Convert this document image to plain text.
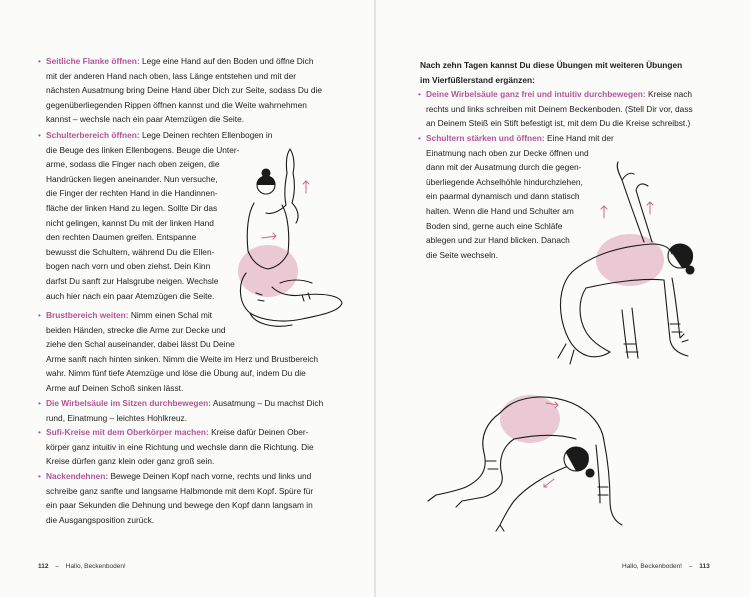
• Seitliche Flanke öffnen: Lege eine Hand auf den Boden und öffne Dich
mit der anderen Hand nach oben, lass Länge entstehen und mit der
nächsten Ausatmung bring Deine Hand über Dich zur Seite, sodass Du die
gegenüberliegenden Rippen öffnen kannst und die Weite wahrnehmen
kannst – wechsle nach ein paar Atemzügen die Seite.
• Schulterbereich öffnen: Lege Deinen rechten Ellenbogen in
die Beuge des linken Ellenbogens. Beuge die Unter-
arme, sodass die Finger nach oben zeigen, die
Handrücken liegen aneinander. Nun versuche,
die Finger der rechten Hand in die Handinnen-
fläche der linken Hand zu legen. Sollte Dir das
nicht gelingen, kannst Du mit der linken Hand
den rechten Daumen greifen. Entspanne
bewusst die Schultern, während Du die Ellen-
bogen nach vorn und oben ziehst. Dein Kinn
darfst Du sanft zur Halsgrube neigen. Wechsle
auch hier nach ein paar Atemzügen die Seite.
• Brustbereich weiten: Nimm einen Schal mit
beiden Händen, strecke die Arme zur Decke und
ziehe den Schal auseinander, dabei lässt Du Deine
Arme sanft nach hinten sinken. Nimm die Weite im Herz und Brustbereich
wahr. Nimm fünf tiefe Atemzüge und löse die Übung auf, indem Du die
Arme auf Deinen Schoß sinken lässt.
• Die Wirbelsäule im Sitzen durchbewegen: Ausatmung – Du machst Dich
rund, Einatmung – leichtes Hohlkreuz.
• Sufi-Kreise mit dem Oberkörper machen: Kreise dafür Deinen Ober-
körper ganz intuitiv in eine Richtung und wechsle dann die Richtung. Die
Kreise dürfen ganz klein oder ganz groß sein.
• Nackendehnen: Bewege Deinen Kopf nach vorne, rechts und links und
schreibe ganz sanfte und langsame Halbmonde mit dem Kopf. Spüre für
ein paar Sekunden die Dehnung und bewege den Kopf dann langsam in
die Ausgangsposition zurück.
112 – Hallo, Beckenboden!
Nach zehn Tagen kannst Du diese Übungen mit weiteren Übungen
im Vierfüßlerstand ergänzen:
• Deine Wirbelsäule ganz frei und intuitiv durchbewegen: Kreise nach
rechts und links schreiben mit Deinem Beckenboden. (Stell Dir vor, dass
an Deinem Steiß ein Stift befestigt ist, mit dem Du die Kreise schreibst.)
• Schultern stärken und öffnen: Eine Hand mit der
Einatmung nach oben zur Decke öffnen und
dann mit der Ausatmung durch die gegen-
überliegende Achselhöhle hindurchziehen,
ein paarmal dynamisch und dann statisch
halten. Wenn die Hand und Schulter am
Boden sind, gerne auch eine Schläfe
ablegen und zur Hand blicken. Danach
die Seite wechseln.
Hallo, Beckenboden! – 113
